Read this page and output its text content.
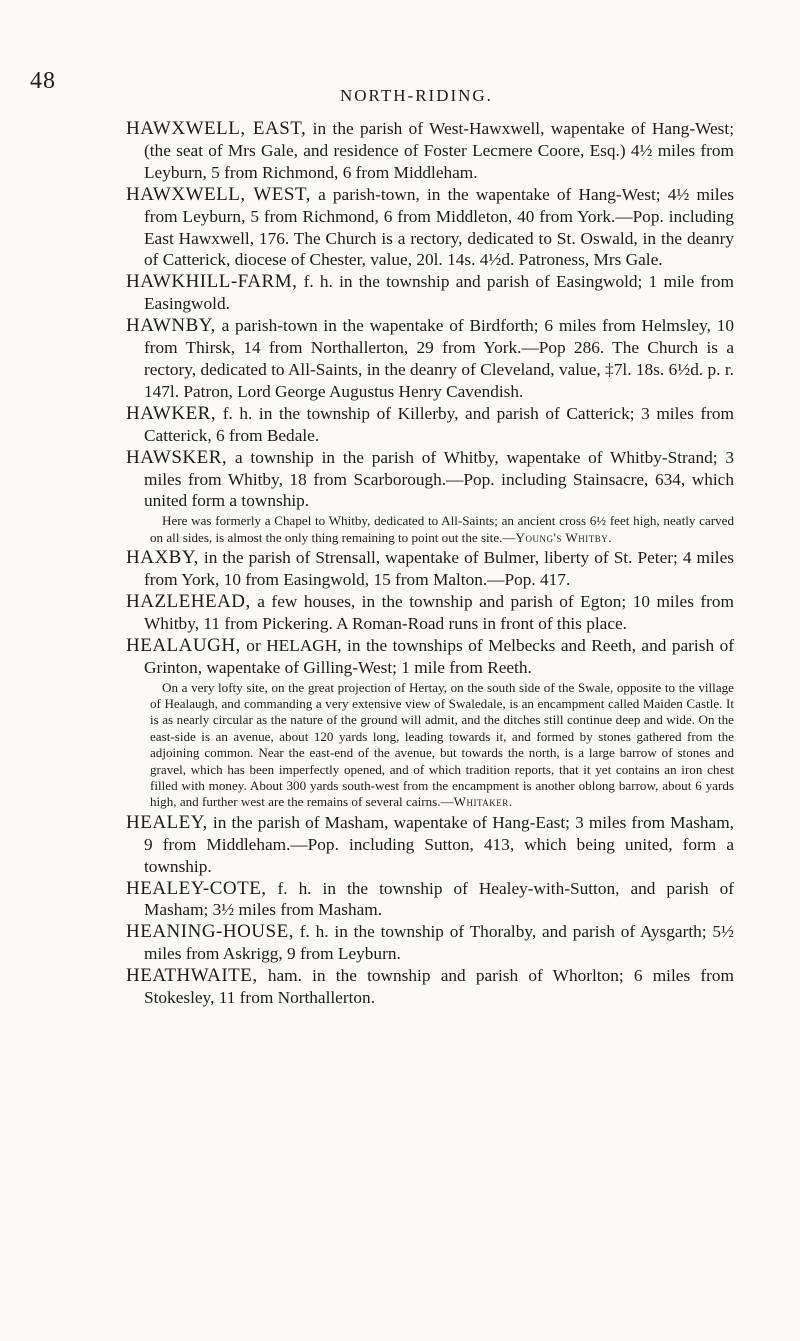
48
NORTH-RIDING.

HAWXWELL, EAST, in the parish of West-Hawxwell, wapentake of Hang-West; (the seat of Mrs Gale, and residence of Foster Lecmere Coore, Esq.) 4½ miles from Leyburn, 5 from Richmond, 6 from Middleham.

HAWXWELL, WEST, a parish-town, in the wapentake of Hang-West; 4½ miles from Leyburn, 5 from Richmond, 6 from Middleton, 40 from York.—Pop. including East Hawxwell, 176. The Church is a rectory, dedicated to St. Oswald, in the deanry of Catterick, diocese of Chester, value, 20l. 14s. 4½d. Patroness, Mrs Gale.

HAWKHILL-FARM, f. h. in the township and parish of Easingwold; 1 mile from Easingwold.

HAWNBY, a parish-town in the wapentake of Birdforth; 6 miles from Helmsley, 10 from Thirsk, 14 from Northallerton, 29 from York.—Pop 286. The Church is a rectory, dedicated to All-Saints, in the deanry of Cleveland, value, ‡7l. 18s. 6½d. p. r. 147l. Patron, Lord George Augustus Henry Cavendish.

HAWKER, f. h. in the township of Killerby, and parish of Catterick; 3 miles from Catterick, 6 from Bedale.

HAWSKER, a township in the parish of Whitby, wapentake of Whitby-Strand; 3 miles from Whitby, 18 from Scarborough.—Pop. including Stainsacre, 634, which united form a township.

Here was formerly a Chapel to Whitby, dedicated to All-Saints; an ancient cross 6½ feet high, neatly carved on all sides, is almost the only thing remaining to point out the site.—Young's Whitby.

HAXBY, in the parish of Strensall, wapentake of Bulmer, liberty of St. Peter; 4 miles from York, 10 from Easingwold, 15 from Malton.—Pop. 417.

HAZLEHEAD, a few houses, in the township and parish of Egton; 10 miles from Whitby, 11 from Pickering. A Roman-Road runs in front of this place.

HEALAUGH, or HELAGH, in the townships of Melbecks and Reeth, and parish of Grinton, wapentake of Gilling-West; 1 mile from Reeth.

On a very lofty site, on the great projection of Hertay, on the south side of the Swale, opposite to the village of Healaugh, and commanding a very extensive view of Swaledale, is an encampment called Maiden Castle. It is as nearly circular as the nature of the ground will admit, and the ditches still continue deep and wide. On the east-side is an avenue, about 120 yards long, leading towards it, and formed by stones gathered from the adjoining common. Near the east-end of the avenue, but towards the north, is a large barrow of stones and gravel, which has been imperfectly opened, and of which tradition reports, that it yet contains an iron chest filled with money. About 300 yards south-west from the encampment is another oblong barrow, about 6 yards high, and further west are the remains of several cairns.—Whitaker.

HEALEY, in the parish of Masham, wapentake of Hang-East; 3 miles from Masham, 9 from Middleham.—Pop. including Sutton, 413, which being united, form a township.

HEALEY-COTE, f. h. in the township of Healey-with-Sutton, and parish of Masham; 3½ miles from Masham.

HEANING-HOUSE, f. h. in the township of Thoralby, and parish of Aysgarth; 5½ miles from Askrigg, 9 from Leyburn.

HEATHWAITE, ham. in the township and parish of Whorlton; 6 miles from Stokesley, 11 from Northallerton.
